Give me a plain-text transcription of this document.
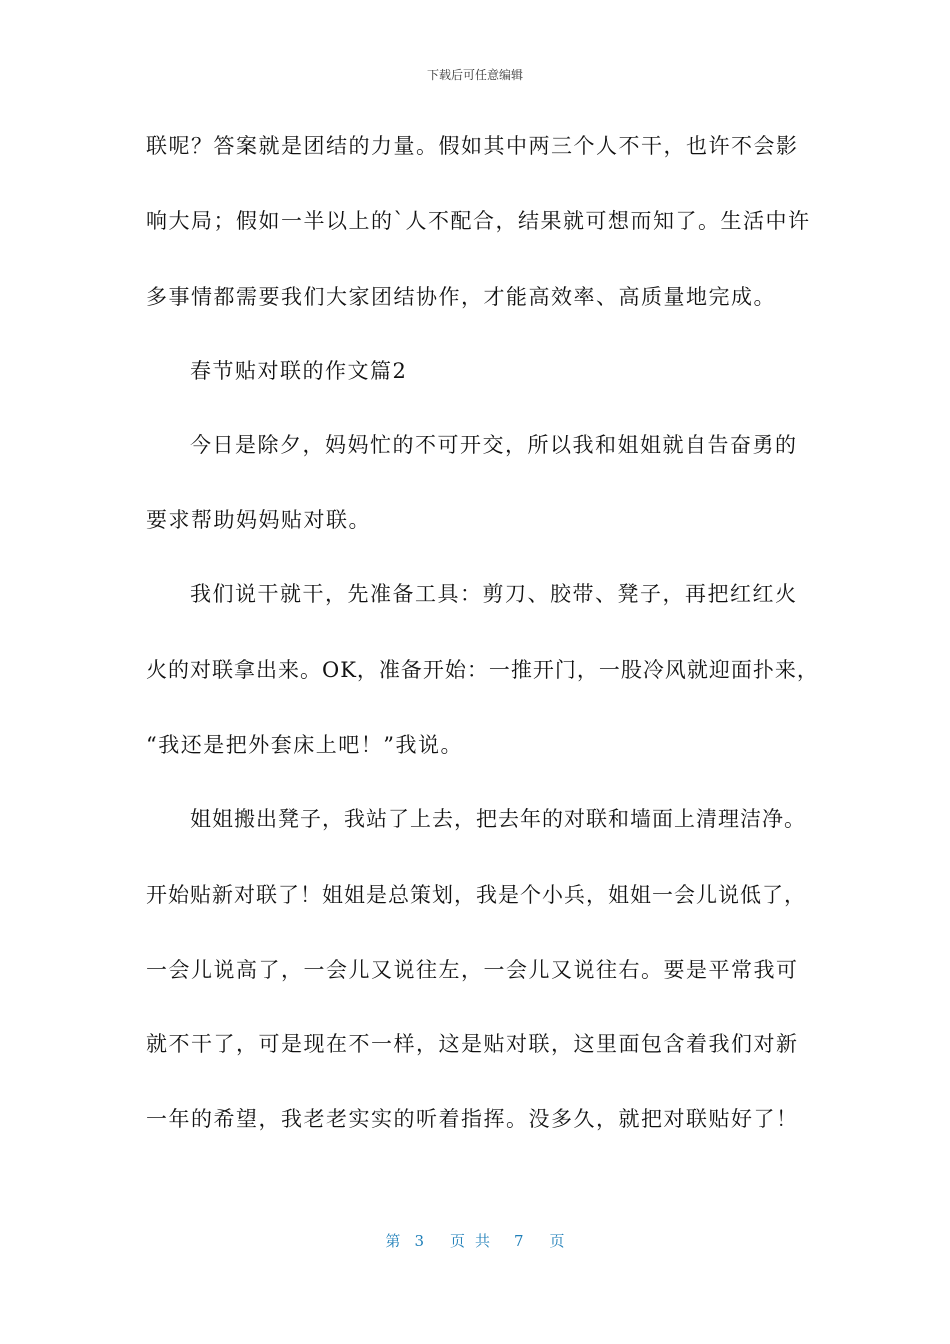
下载后可任意编辑
联呢？答案就是团结的力量。假如其中两三个人不干，也许不会影
响大局；假如一半以上的`人不配合，结果就可想而知了。生活中许
多事情都需要我们大家团结协作，才能高效率、高质量地完成。
春节贴对联的作文篇2
今日是除夕，妈妈忙的不可开交，所以我和姐姐就自告奋勇的
要求帮助妈妈贴对联。
我们说干就干，先准备工具：剪刀、胶带、凳子，再把红红火
火的对联拿出来。OK，准备开始：一推开门，一股冷风就迎面扑来，
“我还是把外套床上吧！”我说。
姐姐搬出凳子，我站了上去，把去年的对联和墙面上清理洁净。
开始贴新对联了！姐姐是总策划，我是个小兵，姐姐一会儿说低了，
一会儿说高了，一会儿又说往左，一会儿又说往右。要是平常我可
就不干了，可是现在不一样，这是贴对联，这里面包含着我们对新
一年的希望，我老老实实的听着指挥。没多久，就把对联贴好了！
第 3 页共 7 页
